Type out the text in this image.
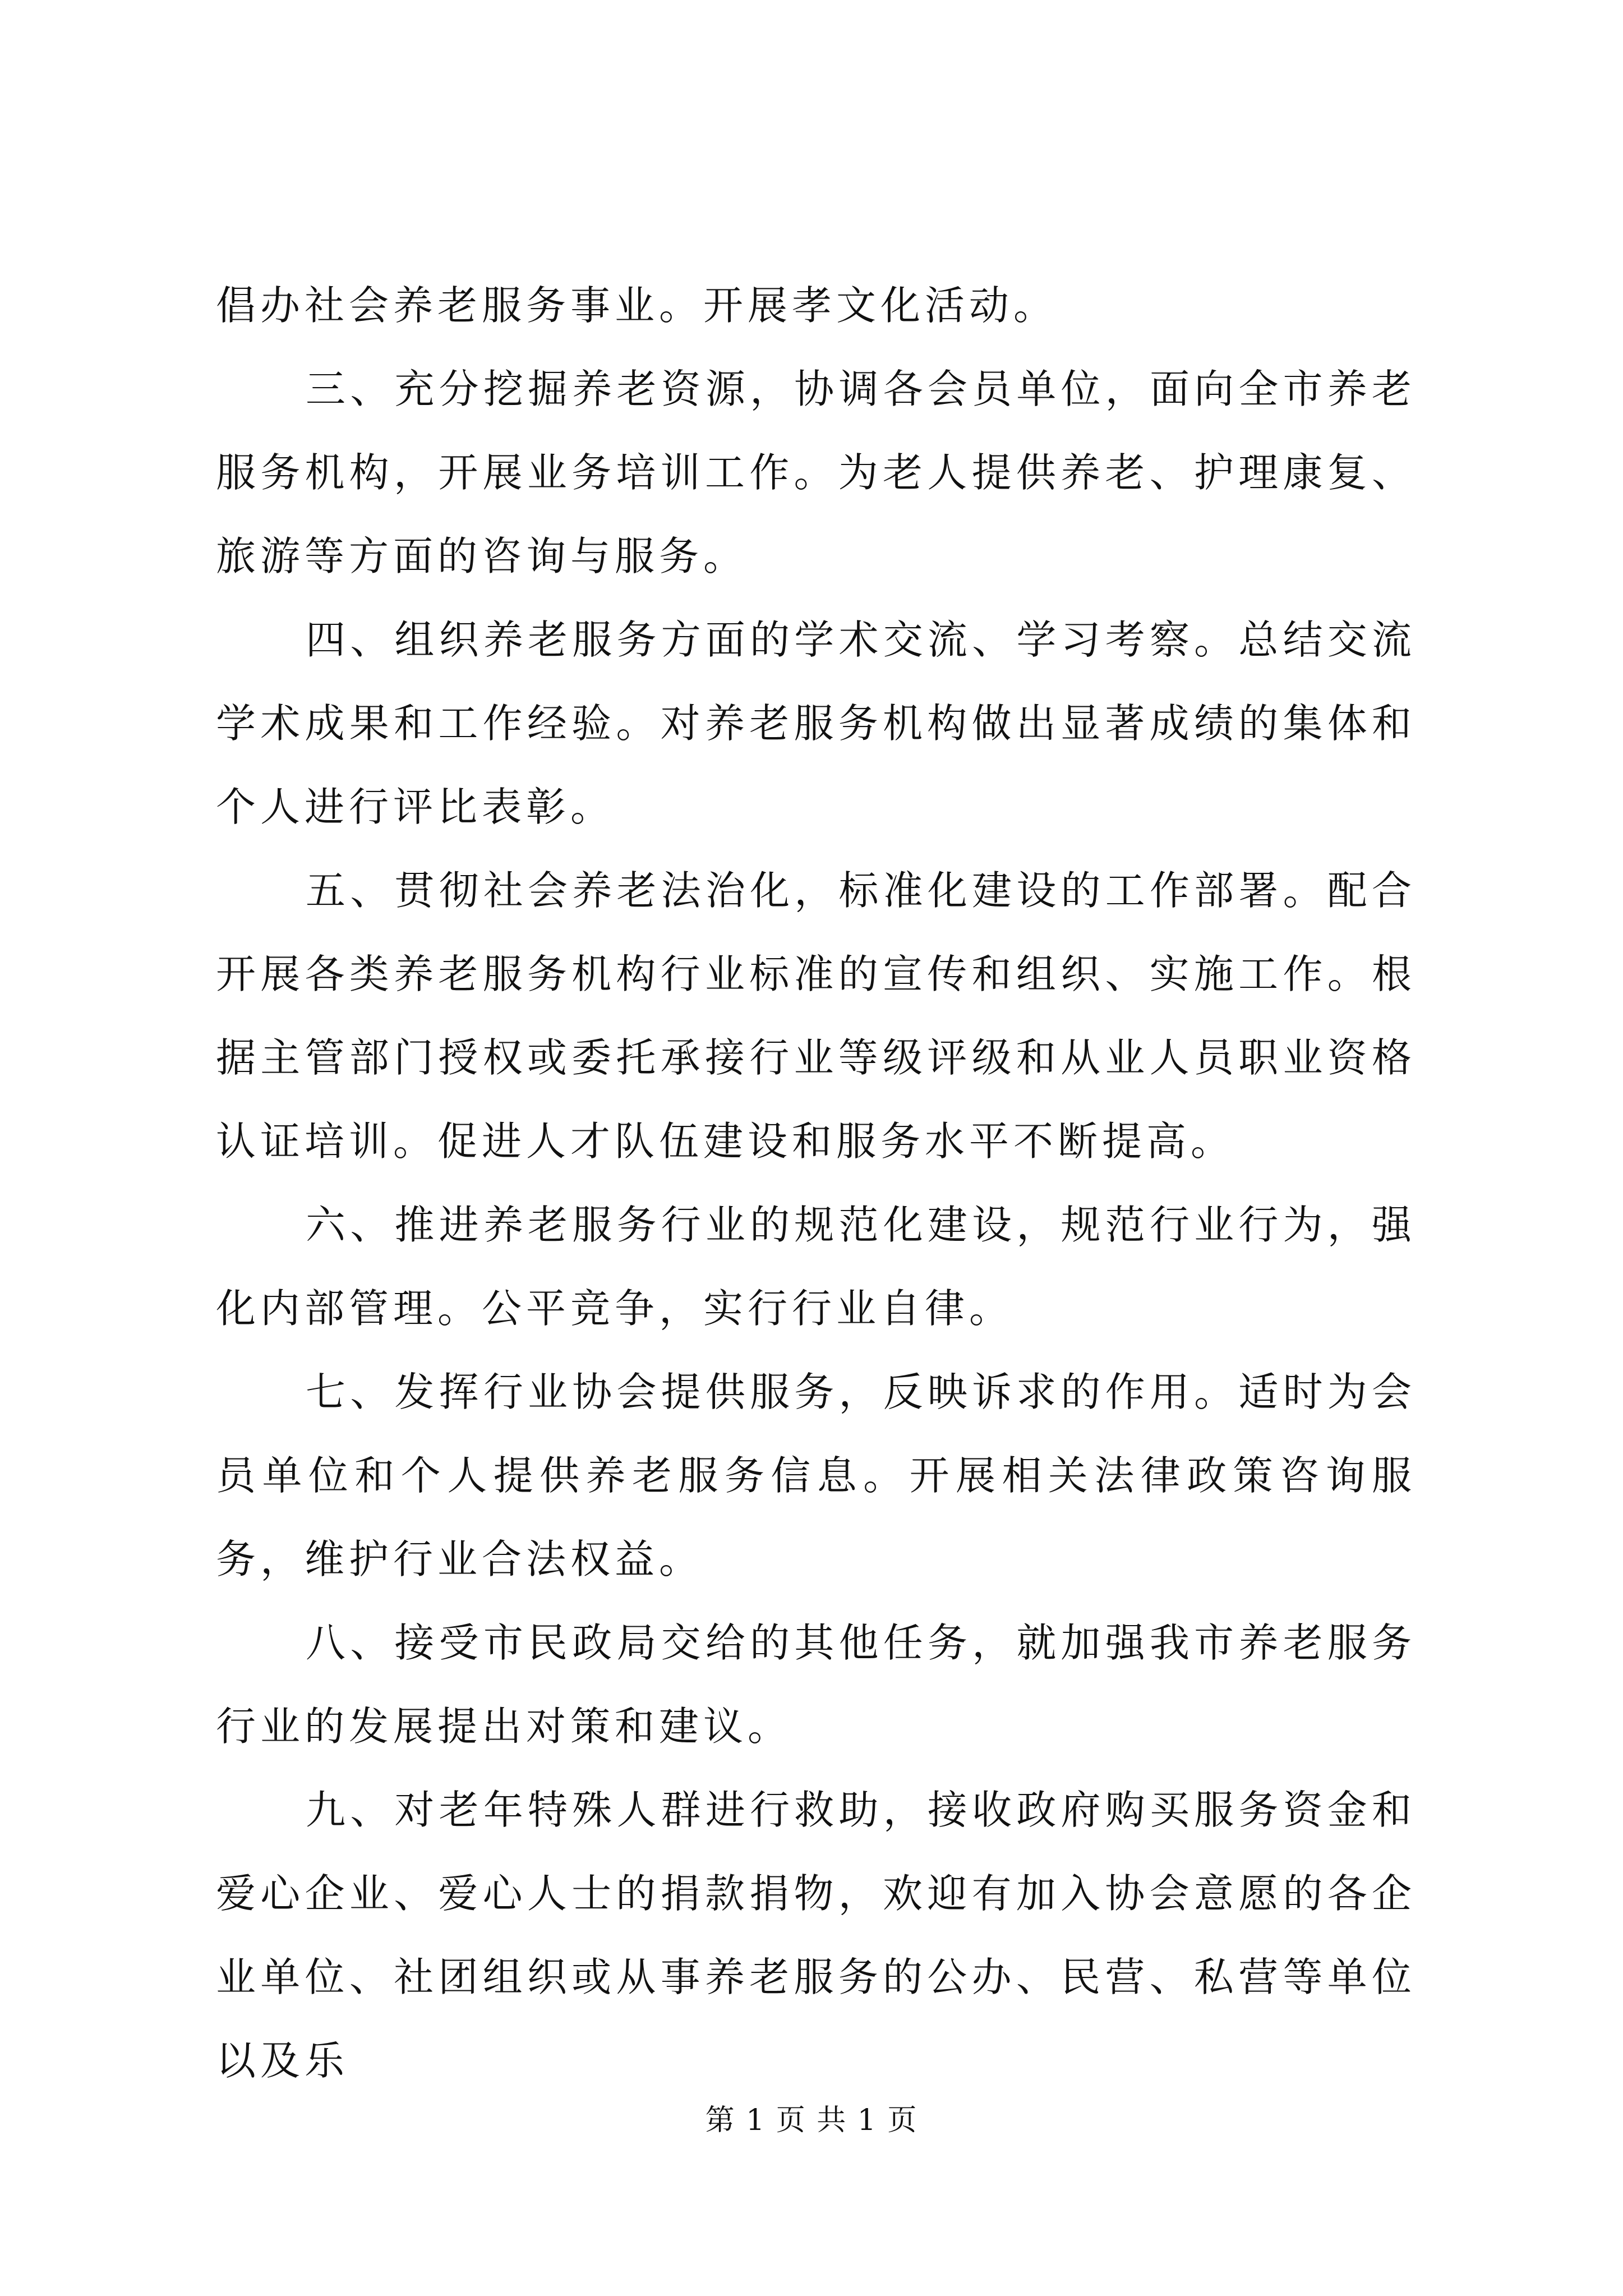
倡办社会养老服务事业。开展孝文化活动。

三、充分挖掘养老资源，协调各会员单位，面向全市养老服务机构，开展业务培训工作。为老人提供养老、护理康复、旅游等方面的咨询与服务。

四、组织养老服务方面的学术交流、学习考察。总结交流学术成果和工作经验。对养老服务机构做出显著成绩的集体和个人进行评比表彰。

五、贯彻社会养老法治化，标准化建设的工作部署。配合开展各类养老服务机构行业标准的宣传和组织、实施工作。根据主管部门授权或委托承接行业等级评级和从业人员职业资格认证培训。促进人才队伍建设和服务水平不断提高。

六、推进养老服务行业的规范化建设，规范行业行为，强化内部管理。公平竞争，实行行业自律。

七、发挥行业协会提供服务，反映诉求的作用。适时为会员单位和个人提供养老服务信息。开展相关法律政策咨询服务，维护行业合法权益。

八、接受市民政局交给的其他任务，就加强我市养老服务行业的发展提出对策和建议。

九、对老年特殊人群进行救助，接收政府购买服务资金和爱心企业、爱心人士的捐款捐物，欢迎有加入协会意愿的各企业单位、社团组织或从事养老服务的公办、民营、私营等单位以及乐

第 1 页 共 1 页
